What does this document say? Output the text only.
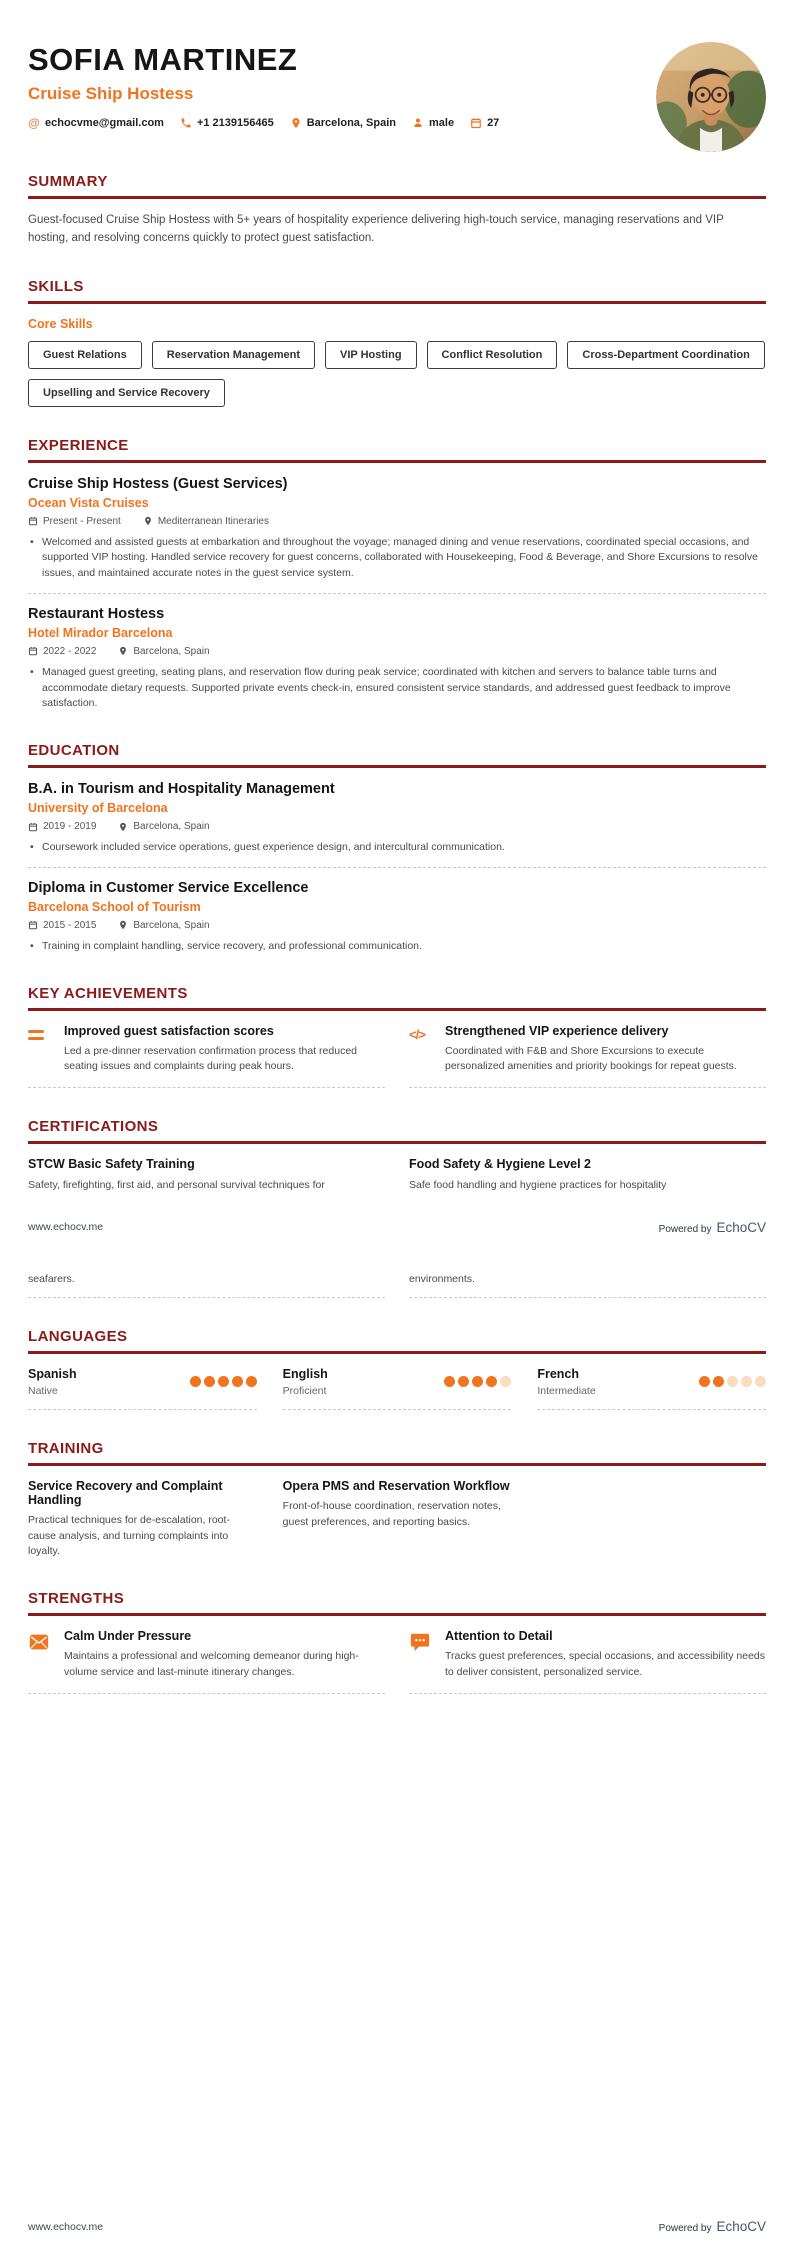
SOFIA MARTINEZ
Cruise Ship Hostess
@ echocvme@gmail.com	+1 2139156465	Barcelona, Spain	male	27
SUMMARY

Guest-focused Cruise Ship Hostess with 5+ years of hospitality experience delivering high-touch service, managing reservations and VIP hosting, and resolving concerns quickly to protect guest satisfaction.

SKILLS
Core Skills
Guest Relations	Reservation Management	VIP Hosting	Conflict Resolution	Cross-Department Coordination
Upselling and Service Recovery
EXPERIENCE
Cruise Ship Hostess (Guest Services)
Ocean Vista Cruises
Present - Present	Mediterranean Itineraries
• Welcomed and assisted guests at embarkation and throughout the voyage; managed dining and venue reservations, coordinated special occasions, and supported VIP hosting. Handled service recovery for guest concerns, collaborated with Housekeeping, Food & Beverage, and Shore Excursions to resolve issues, and maintained accurate notes in the guest service system.
Restaurant Hostess
Hotel Mirador Barcelona
2022 - 2022	Barcelona, Spain
• Managed guest greeting, seating plans, and reservation flow during peak service; coordinated with kitchen and servers to balance table turns and accommodate dietary requests. Supported private events check-in, ensured consistent service standards, and addressed guest feedback to improve satisfaction.
EDUCATION
B.A. in Tourism and Hospitality Management
University of Barcelona
2019 - 2019	Barcelona, Spain
• Coursework included service operations, guest experience design, and intercultural communication.
Diploma in Customer Service Excellence
Barcelona School of Tourism
2015 - 2015	Barcelona, Spain
• Training in complaint handling, service recovery, and professional communication.
KEY ACHIEVEMENTS
Improved guest satisfaction scores
Led a pre-dinner reservation confirmation process that reduced seating issues and complaints during peak hours.
</>	Strengthened VIP experience delivery
Coordinated with F&B and Shore Excursions to execute personalized amenities and priority bookings for repeat guests.
CERTIFICATIONS
STCW Basic Safety Training
Safety, firefighting, first aid, and personal survival techniques for
Food Safety & Hygiene Level 2
Safe food handling and hygiene practices for hospitality
www.echocv.me	Powered by EchoCV
seafarers.	environments.
LANGUAGES
Spanish
Native
English
Proficient
French
Intermediate
TRAINING
Service Recovery and Complaint Handling
Practical techniques for de-escalation, root-cause analysis, and turning complaints into loyalty.
Opera PMS and Reservation Workflow
Front-of-house coordination, reservation notes, guest preferences, and reporting basics.
STRENGTHS
Calm Under Pressure
Maintains a professional and welcoming demeanor during high-volume service and last-minute itinerary changes.
Attention to Detail
Tracks guest preferences, special occasions, and accessibility needs to deliver consistent, personalized service.
www.echocv.me	Powered by EchoCV
